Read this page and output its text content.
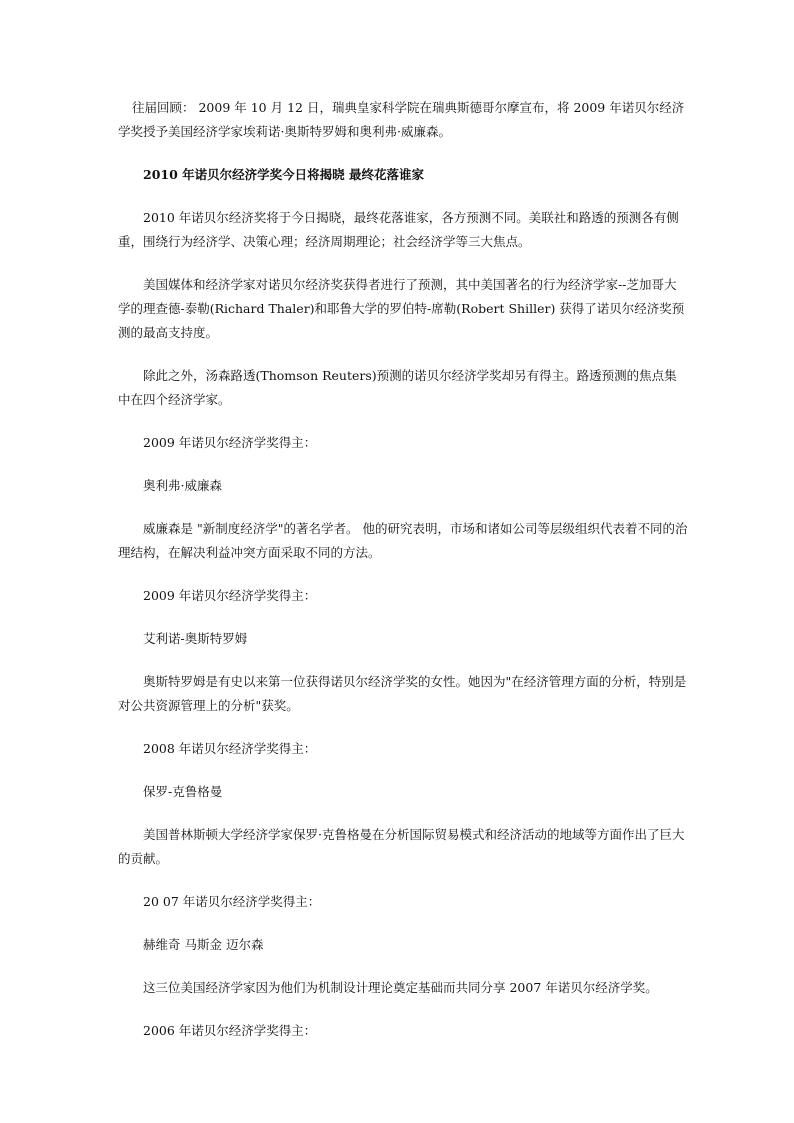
往届回顾： 2009 年 10 月 12 日，瑞典皇家科学院在瑞典斯德哥尔摩宣布，将 2009 年诺贝尔经济学奖授予美国经济学家埃莉诺·奥斯特罗姆和奥利弗·威廉森。

2010 年诺贝尔经济学奖今日将揭晓 最终花落谁家

2010 年诺贝尔经济奖将于今日揭晓，最终花落谁家，各方预测不同。美联社和路透的预测各有侧重，围绕行为经济学、决策心理；经济周期理论；社会经济学等三大焦点。

美国媒体和经济学家对诺贝尔经济奖获得者进行了预测，其中美国著名的行为经济学家--芝加哥大学的理查德-泰勒(Richard Thaler)和耶鲁大学的罗伯特-席勒(Robert Shiller) 获得了诺贝尔经济奖预测的最高支持度。

除此之外，汤森路透(Thomson Reuters)预测的诺贝尔经济学奖却另有得主。路透预测的焦点集中在四个经济学家。

2009 年诺贝尔经济学奖得主：

奥利弗·威廉森

威廉森是 "新制度经济学"的著名学者。 他的研究表明，市场和诸如公司等层级组织代表着不同的治理结构，在解决利益冲突方面采取不同的方法。

2009 年诺贝尔经济学奖得主：

艾利诺-奥斯特罗姆

奥斯特罗姆是有史以来第一位获得诺贝尔经济学奖的女性。她因为"在经济管理方面的分析，特别是对公共资源管理上的分析"获奖。

2008 年诺贝尔经济学奖得主：

保罗-克鲁格曼

美国普林斯顿大学经济学家保罗·克鲁格曼在分析国际贸易模式和经济活动的地域等方面作出了巨大的贡献。

20 07 年诺贝尔经济学奖得主：

赫维奇 马斯金 迈尔森

这三位美国经济学家因为他们为机制设计理论奠定基础而共同分享 2007 年诺贝尔经济学奖。

2006 年诺贝尔经济学奖得主：
